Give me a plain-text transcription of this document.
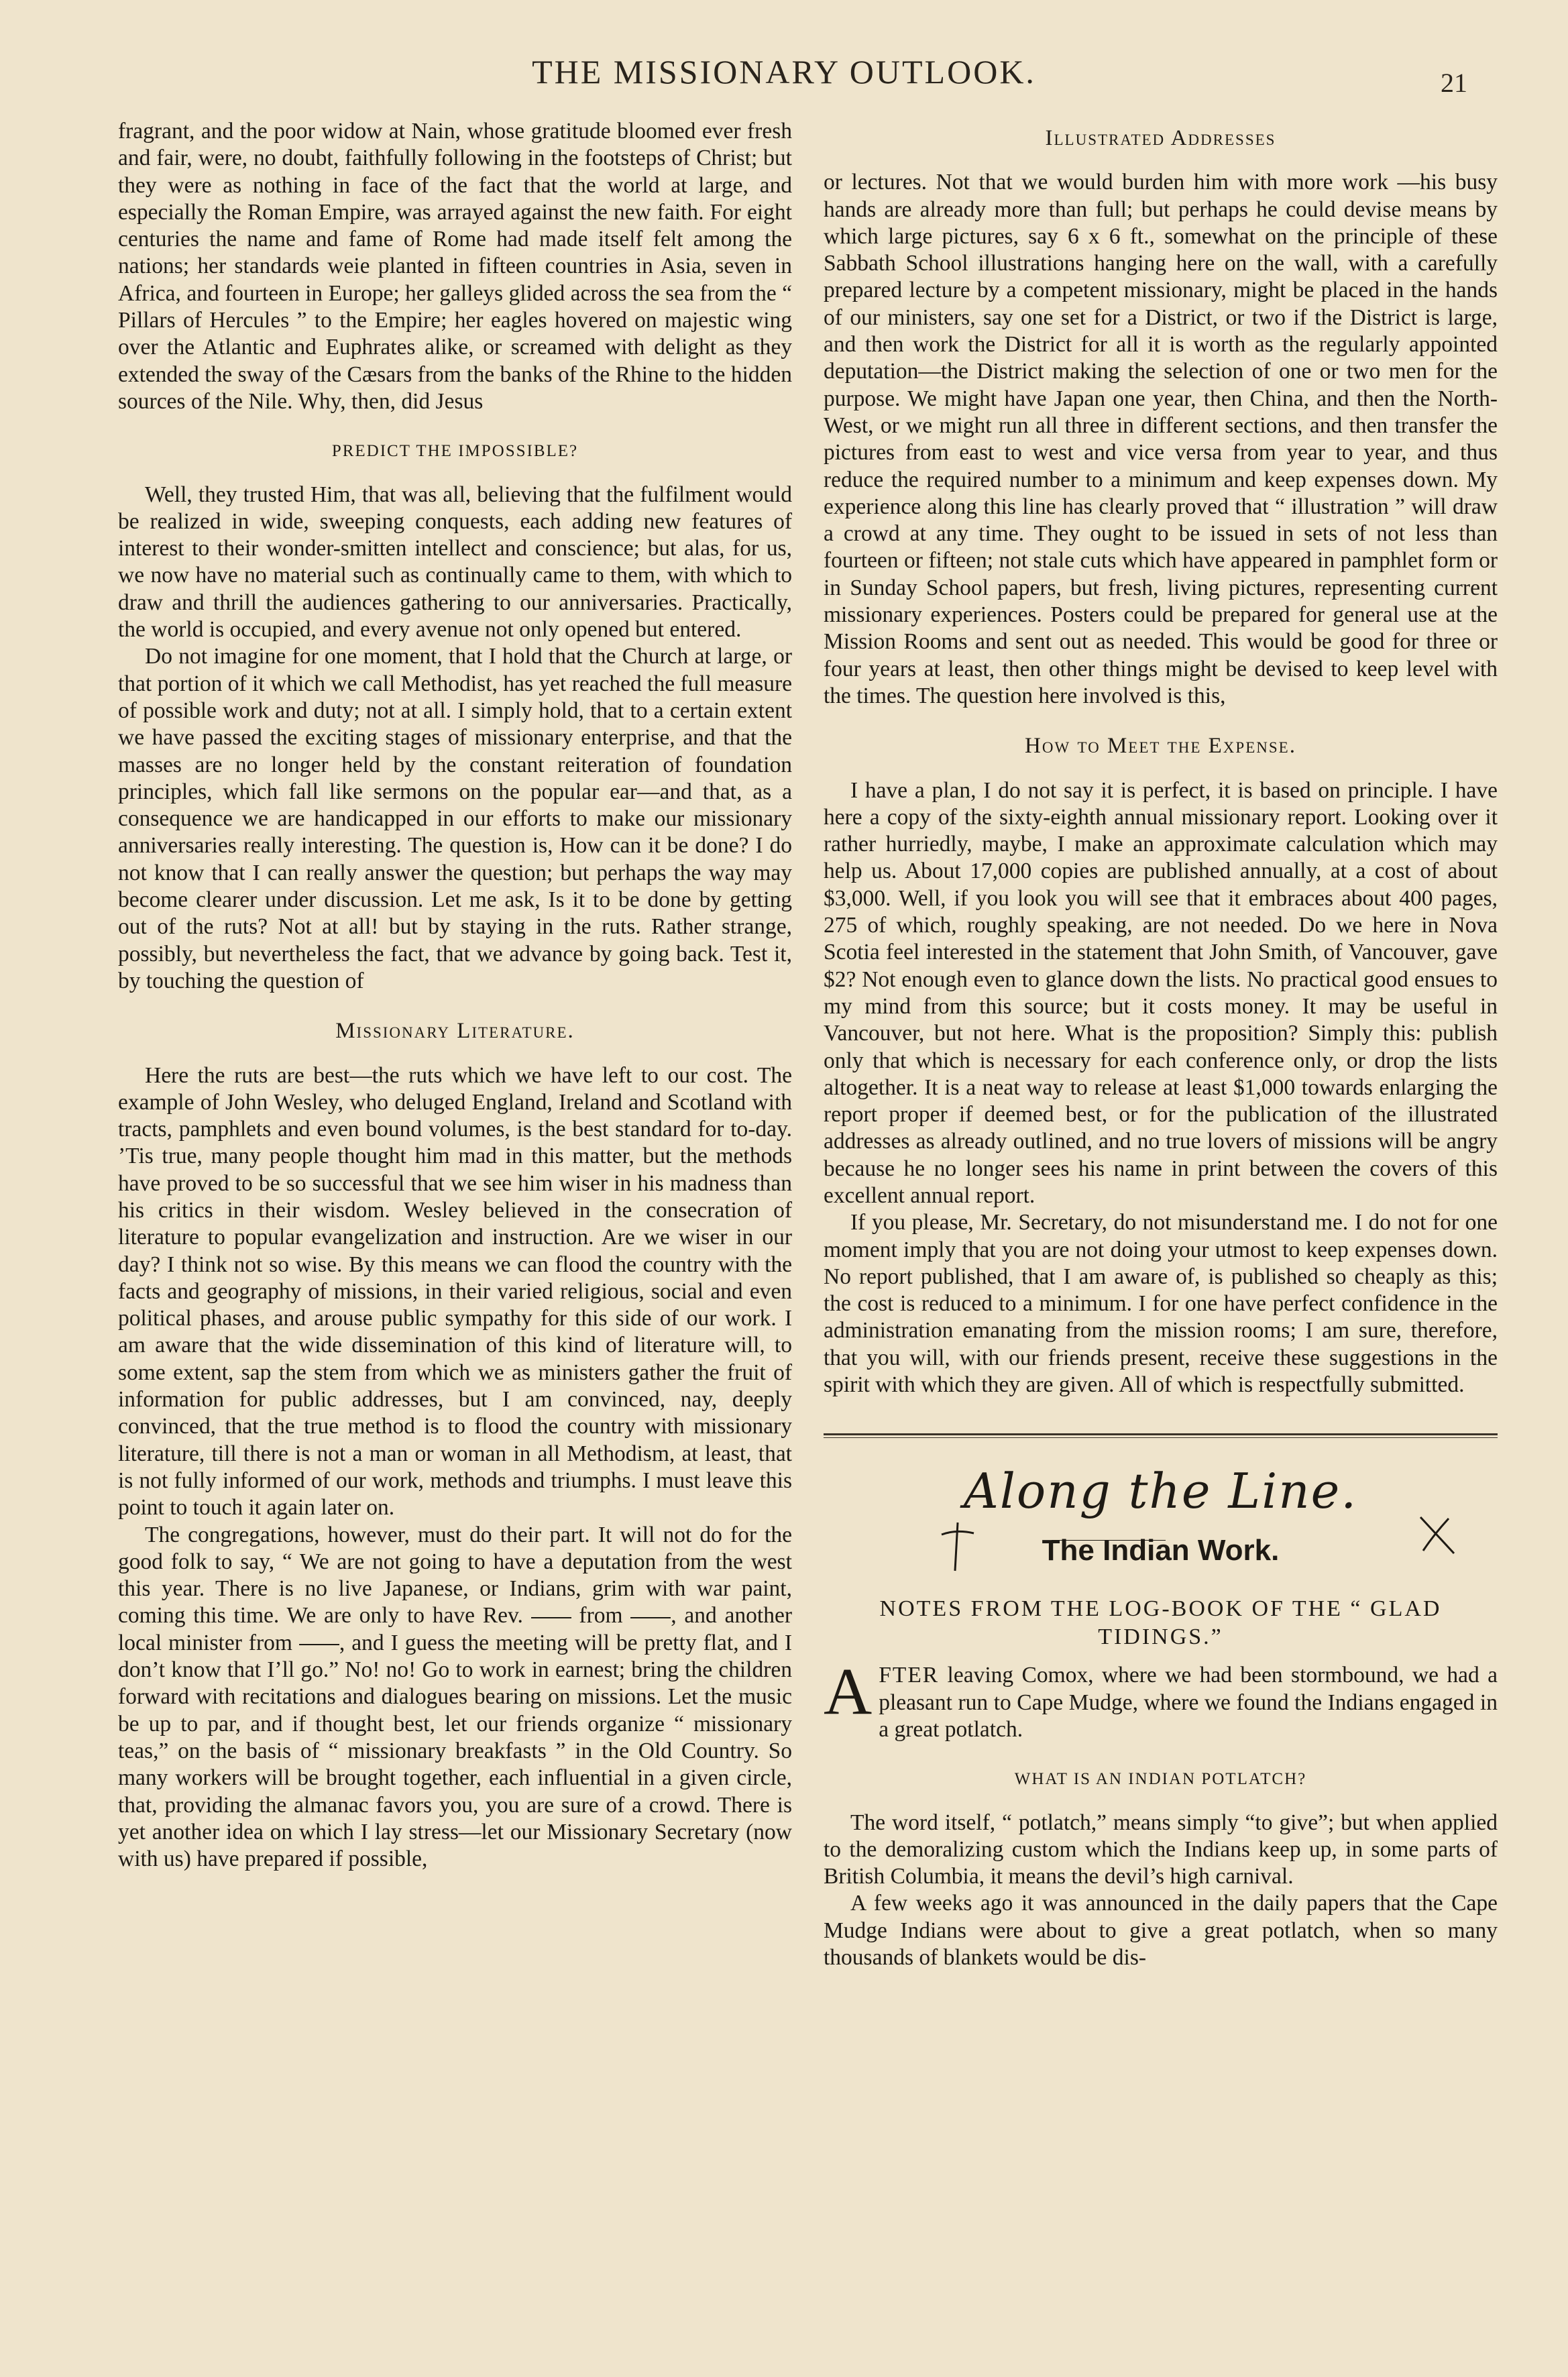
THE MISSIONARY OUTLOOK.	21

fragrant, and the poor widow at Nain, whose gratitude bloomed ever fresh and fair, were, no doubt, faithfully following in the footsteps of Christ; but they were as nothing in face of the fact that the world at large, and especially the Roman Empire, was arrayed against the new faith. For eight centuries the name and fame of Rome had made itself felt among the nations; her standards weie planted in fifteen countries in Asia, seven in Africa, and fourteen in Europe; her galleys glided across the sea from the “ Pillars of Hercules ” to the Empire; her eagles hovered on majestic wing over the Atlantic and Euphrates alike, or screamed with delight as they extended the sway of the Cæsars from the banks of the Rhine to the hidden sources of the Nile. Why, then, did Jesus

PREDICT THE IMPOSSIBLE?

Well, they trusted Him, that was all, believing that the fulfilment would be realized in wide, sweeping conquests, each adding new features of interest to their wonder-smitten intellect and conscience; but alas, for us, we now have no material such as continually came to them, with which to draw and thrill the audiences gathering to our anniversaries. Practically, the world is occupied, and every avenue not only opened but entered.

Do not imagine for one moment, that I hold that the Church at large, or that portion of it which we call Methodist, has yet reached the full measure of possible work and duty; not at all. I simply hold, that to a certain extent we have passed the exciting stages of missionary enterprise, and that the masses are no longer held by the constant reiteration of foundation principles, which fall like sermons on the popular ear—and that, as a consequence we are handicapped in our efforts to make our missionary anniversaries really interesting. The question is, How can it be done? I do not know that I can really answer the question; but perhaps the way may become clearer under discussion. Let me ask, Is it to be done by getting out of the ruts? Not at all! but by staying in the ruts. Rather strange, possibly, but nevertheless the fact, that we advance by going back. Test it, by touching the question of

Missionary Literature.

Here the ruts are best—the ruts which we have left to our cost. The example of John Wesley, who deluged England, Ireland and Scotland with tracts, pamphlets and even bound volumes, is the best standard for to-day. ’Tis true, many people thought him mad in this matter, but the methods have proved to be so successful that we see him wiser in his madness than his critics in their wisdom. Wesley believed in the consecration of literature to popular evangelization and instruction. Are we wiser in our day? I think not so wise. By this means we can flood the country with the facts and geography of missions, in their varied religious, social and even political phases, and arouse public sympathy for this side of our work. I am aware that the wide dissemination of this kind of literature will, to some extent, sap the stem from which we as ministers gather the fruit of information for public addresses, but I am convinced, nay, deeply convinced, that the true method is to flood the country with missionary literature, till there is not a man or woman in all Methodism, at least, that is not fully informed of our work, methods and triumphs. I must leave this point to touch it again later on.

The congregations, however, must do their part. It will not do for the good folk to say, “ We are not going to have a deputation from the west this year. There is no live Japanese, or Indians, grim with war paint, coming this time. We are only to have Rev. from , and another local minister from , and I guess the meeting will be pretty flat, and I don’t know that I’ll go.” No! no! Go to work in earnest; bring the children forward with recitations and dialogues bearing on missions. Let the music be up to par, and if thought best, let our friends organize “ missionary teas,” on the basis of “ missionary breakfasts ” in the Old Country. So many workers will be brought together, each influential in a given circle, that, providing the almanac favors you, you are sure of a crowd. There is yet another idea on which I lay stress—let our Missionary Secretary (now with us) have prepared if possible,

Illustrated Addresses

or lectures. Not that we would burden him with more work —his busy hands are already more than full; but perhaps he could devise means by which large pictures, say 6 x 6 ft., somewhat on the principle of these Sabbath School illustrations hanging here on the wall, with a carefully prepared lecture by a competent missionary, might be placed in the hands of our ministers, say one set for a District, or two if the District is large, and then work the District for all it is worth as the regularly appointed deputation—the District making the selection of one or two men for the purpose. We might have Japan one year, then China, and then the North-West, or we might run all three in different sections, and then transfer the pictures from east to west and vice versa from year to year, and thus reduce the required number to a minimum and keep expenses down. My experience along this line has clearly proved that “ illustration ” will draw a crowd at any time. They ought to be issued in sets of not less than fourteen or fifteen; not stale cuts which have appeared in pamphlet form or in Sunday School papers, but fresh, living pictures, representing current missionary experiences. Posters could be prepared for general use at the Mission Rooms and sent out as needed. This would be good for three or four years at least, then other things might be devised to keep level with the times. The question here involved is this,

How to Meet the Expense.

I have a plan, I do not say it is perfect, it is based on principle. I have here a copy of the sixty-eighth annual missionary report. Looking over it rather hurriedly, maybe, I make an approximate calculation which may help us. About 17,000 copies are published annually, at a cost of about $3,000. Well, if you look you will see that it embraces about 400 pages, 275 of which, roughly speaking, are not needed. Do we here in Nova Scotia feel interested in the statement that John Smith, of Vancouver, gave $2? Not enough even to glance down the lists. No practical good ensues to my mind from this source; but it costs money. It may be useful in Vancouver, but not here. What is the proposition? Simply this: publish only that which is necessary for each conference only, or drop the lists altogether. It is a neat way to release at least $1,000 towards enlarging the report proper if deemed best, or for the publication of the illustrated addresses as already outlined, and no true lovers of missions will be angry because he no longer sees his name in print between the covers of this excellent annual report.

If you please, Mr. Secretary, do not misunderstand me. I do not for one moment imply that you are not doing your utmost to keep expenses down. No report published, that I am aware of, is published so cheaply as this; the cost is reduced to a minimum. I for one have perfect confidence in the administration emanating from the mission rooms; I am sure, therefore, that you will, with our friends present, receive these suggestions in the spirit with which they are given. All of which is respectfully submitted.

Along the Line.
The Indian Work.
NOTES FROM THE LOG-BOOK OF THE “ GLAD TIDINGS.”

AFTER leaving Comox, where we had been stormbound, we had a pleasant run to Cape Mudge, where we found the Indians engaged in a great potlatch.

WHAT IS AN INDIAN POTLATCH?

The word itself, “ potlatch,” means simply “to give”; but when applied to the demoralizing custom which the Indians keep up, in some parts of British Columbia, it means the devil’s high carnival.

A few weeks ago it was announced in the daily papers that the Cape Mudge Indians were about to give a great potlatch, when so many thousands of blankets would be dis-
